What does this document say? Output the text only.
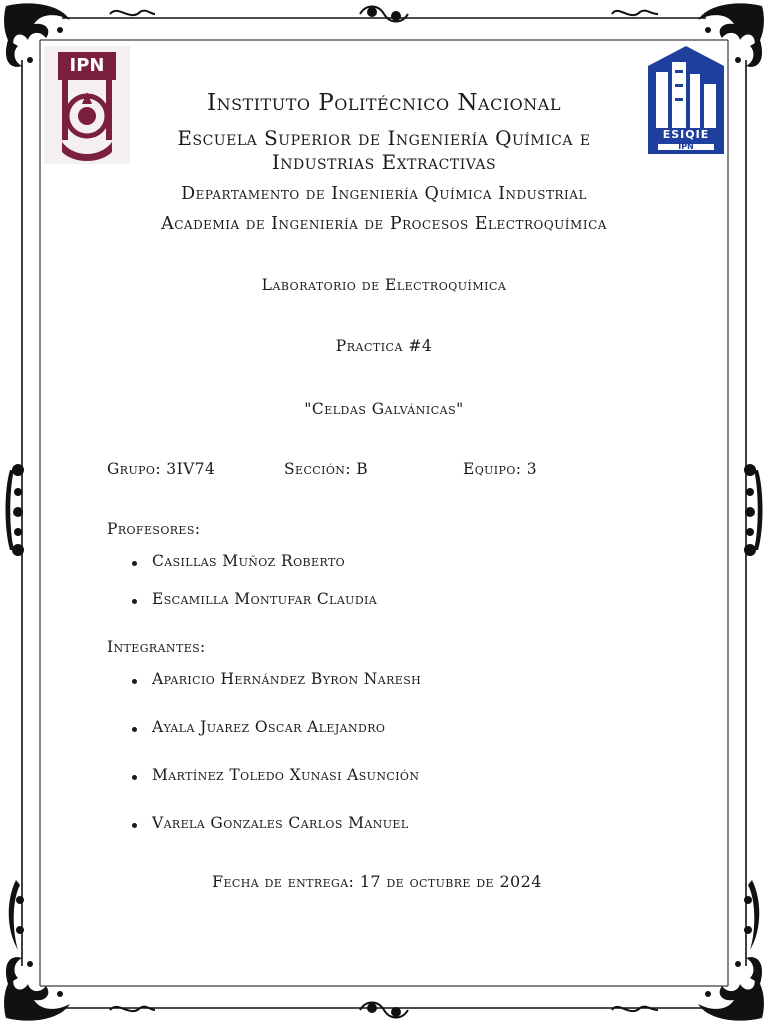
IPN
ESIQIE
IPN
Instituto Politécnico Nacional
Escuela Superior de Ingeniería Química e
Industrias Extractivas
Departamento de Ingeniería Química Industrial
Academia de Ingeniería de Procesos Electroquímica
Laboratorio de Electroquímica
Practica #4
"Celdas Galvánicas"
Grupo: 3IV74	Sección: B	Equipo: 3
Profesores:
Casillas Muñoz Roberto
Escamilla Montufar Claudia
Integrantes:
Aparicio Hernández Byron Naresh
Ayala Juarez Oscar Alejandro
Martínez Toledo Xunasi Asunción
Varela Gonzales Carlos Manuel
Fecha de entrega: 17 de octubre de 2024
